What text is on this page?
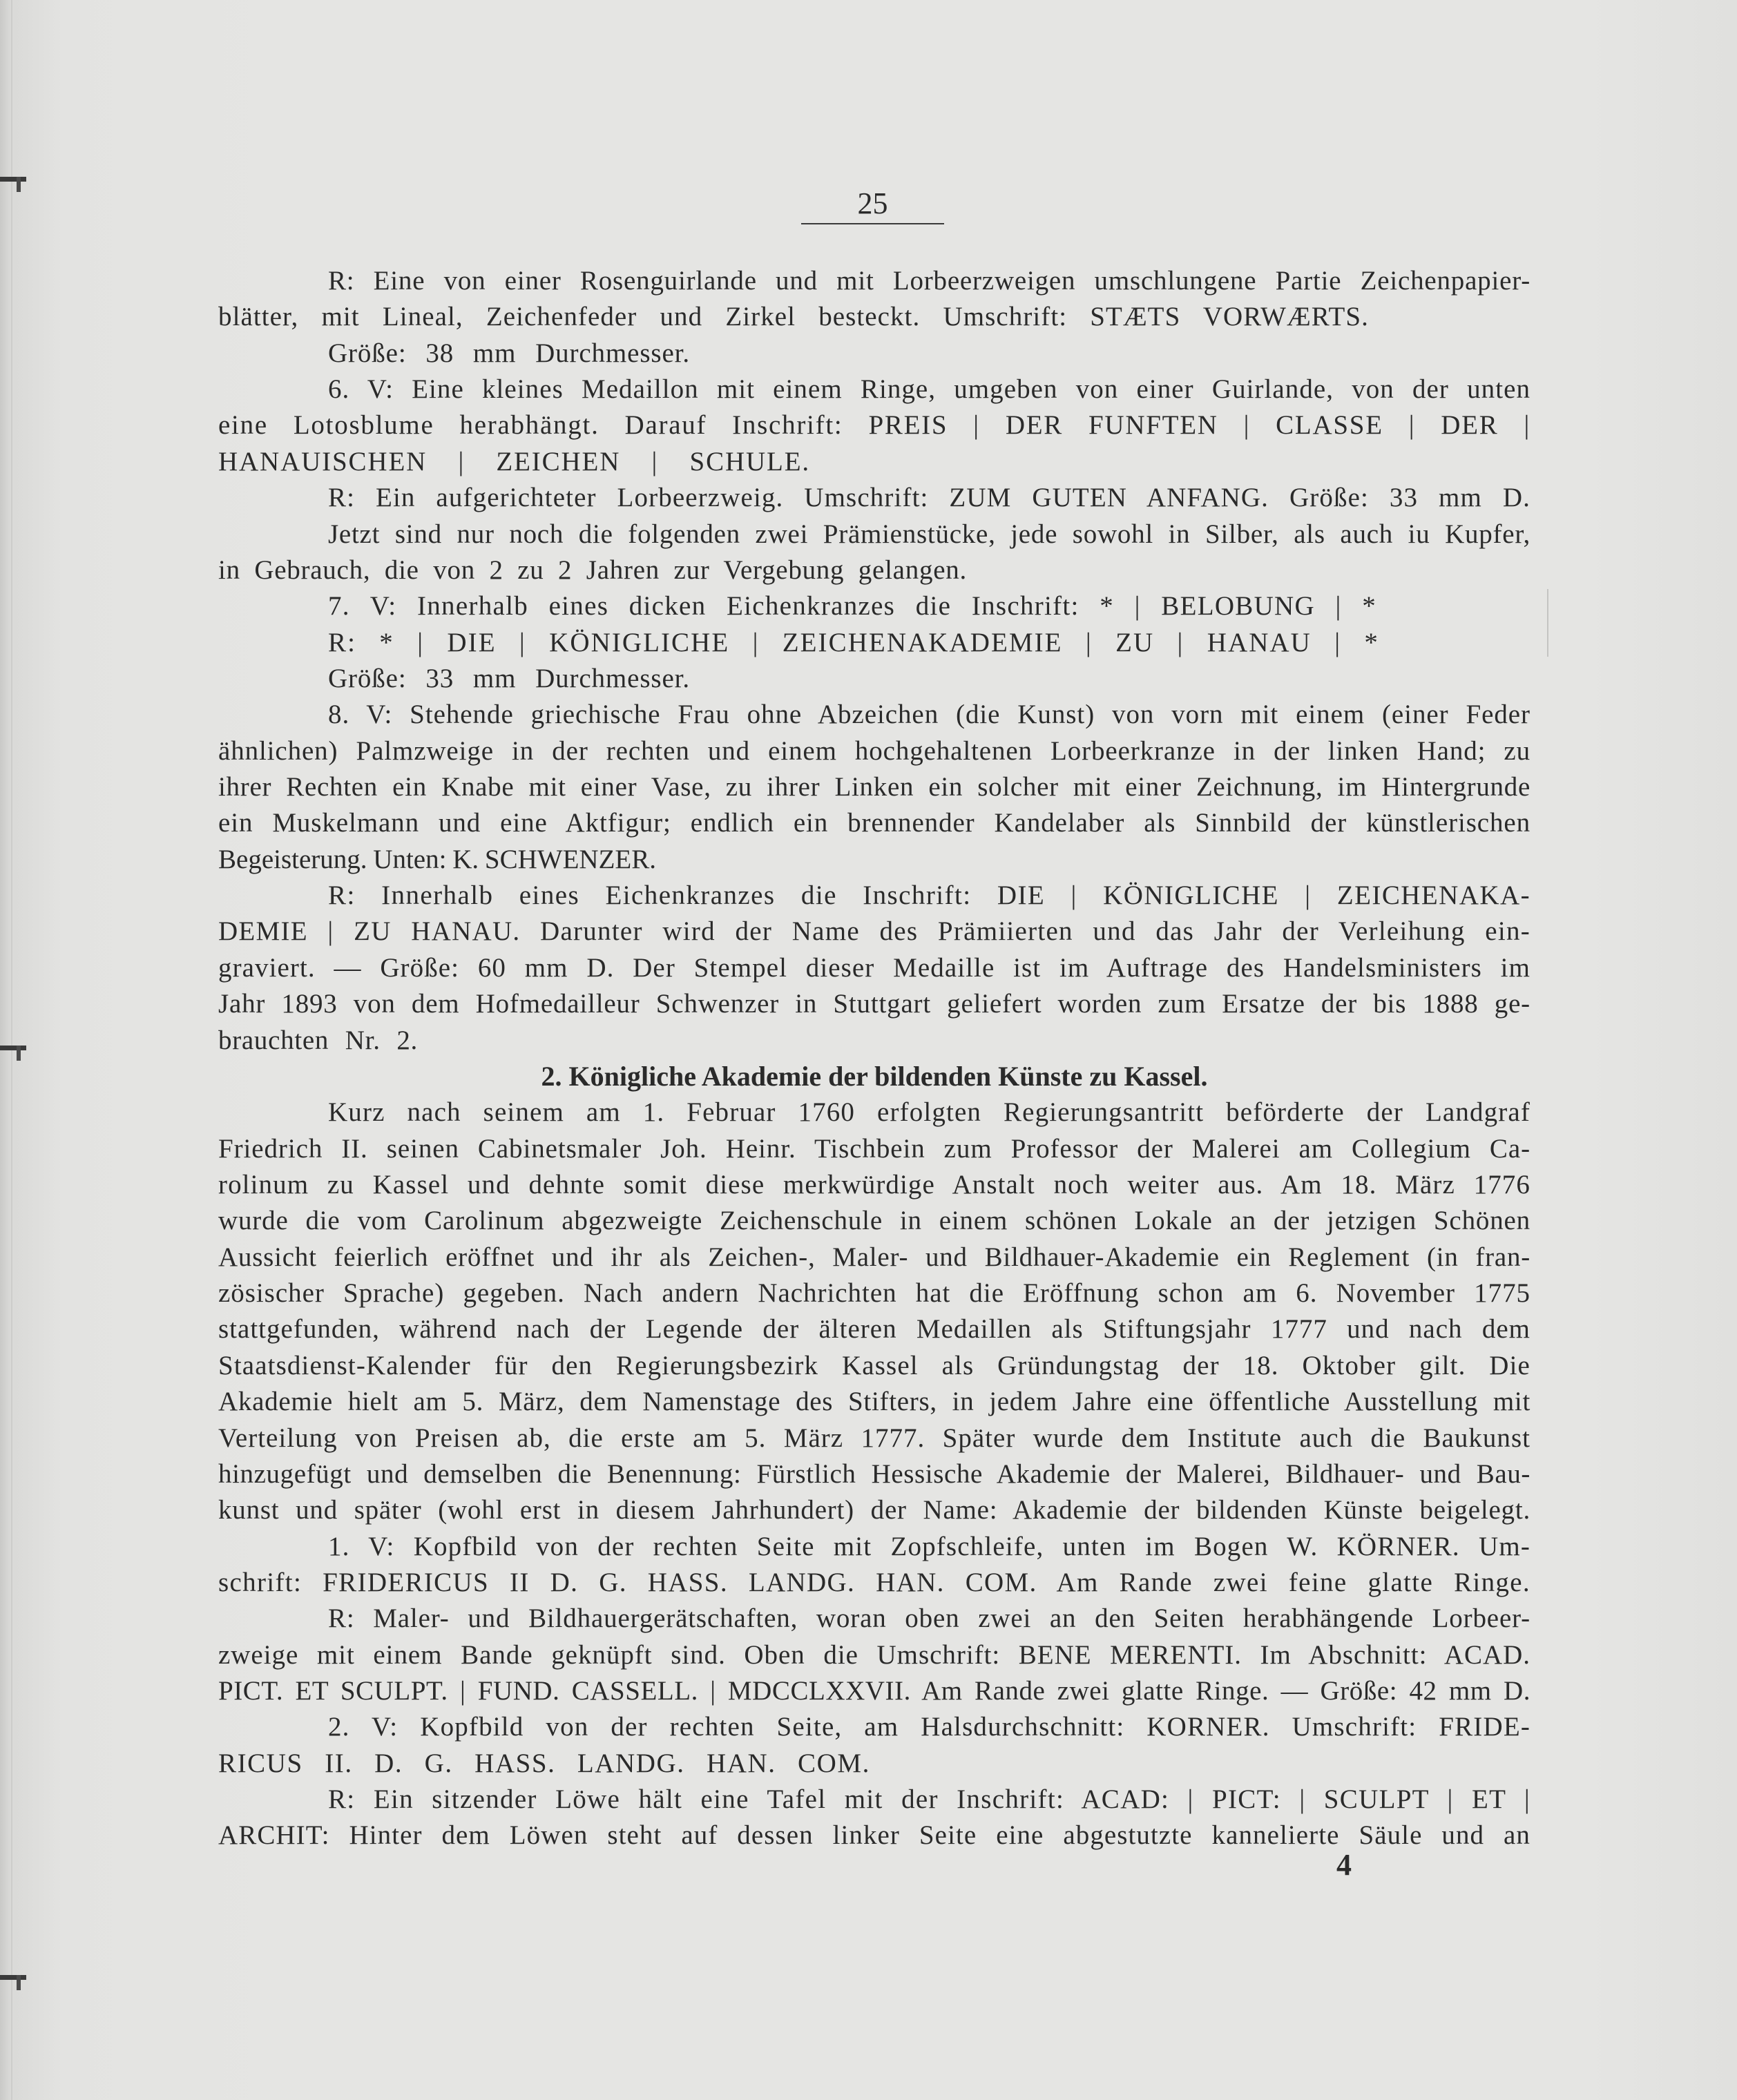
25
R: Eine von einer Rosenguirlande und mit Lorbeerzweigen umschlungene Partie Zeichenpapier-
blätter, mit Lineal, Zeichenfeder und Zirkel besteckt. Umschrift: STÆTS VORWÆRTS.
Größe: 38 mm Durchmesser.
6. V: Eine kleines Medaillon mit einem Ringe, umgeben von einer Guirlande, von der unten
eine Lotosblume herabhängt. Darauf Inschrift: PREIS | DER FUNFTEN | CLASSE | DER |
HANAUISCHEN | ZEICHEN | SCHULE.
R: Ein aufgerichteter Lorbeerzweig. Umschrift: ZUM GUTEN ANFANG. Größe: 33 mm D.
Jetzt sind nur noch die folgenden zwei Prämienstücke, jede sowohl in Silber, als auch iu Kupfer,
in Gebrauch, die von 2 zu 2 Jahren zur Vergebung gelangen.
7. V: Innerhalb eines dicken Eichenkranzes die Inschrift: * | BELOBUNG | *
R: * | DIE | KÖNIGLICHE | ZEICHENAKADEMIE | ZU | HANAU | *
Größe: 33 mm Durchmesser.
8. V: Stehende griechische Frau ohne Abzeichen (die Kunst) von vorn mit einem (einer Feder
ähnlichen) Palmzweige in der rechten und einem hochgehaltenen Lorbeerkranze in der linken Hand; zu
ihrer Rechten ein Knabe mit einer Vase, zu ihrer Linken ein solcher mit einer Zeichnung, im Hintergrunde
ein Muskelmann und eine Aktfigur; endlich ein brennender Kandelaber als Sinnbild der künstlerischen
Begeisterung. Unten: K. SCHWENZER.
R: Innerhalb eines Eichenkranzes die Inschrift: DIE | KÖNIGLICHE | ZEICHENAKA-
DEMIE | ZU HANAU. Darunter wird der Name des Prämiierten und das Jahr der Verleihung ein-
graviert. — Größe: 60 mm D. Der Stempel dieser Medaille ist im Auftrage des Handelsministers im
Jahr 1893 von dem Hofmedailleur Schwenzer in Stuttgart geliefert worden zum Ersatze der bis 1888 ge-
brauchten Nr. 2.
2. Königliche Akademie der bildenden Künste zu Kassel.
Kurz nach seinem am 1. Februar 1760 erfolgten Regierungsantritt beförderte der Landgraf
Friedrich II. seinen Cabinetsmaler Joh. Heinr. Tischbein zum Professor der Malerei am Collegium Ca-
rolinum zu Kassel und dehnte somit diese merkwürdige Anstalt noch weiter aus. Am 18. März 1776
wurde die vom Carolinum abgezweigte Zeichenschule in einem schönen Lokale an der jetzigen Schönen
Aussicht feierlich eröffnet und ihr als Zeichen-, Maler- und Bildhauer-Akademie ein Reglement (in fran-
zösischer Sprache) gegeben. Nach andern Nachrichten hat die Eröffnung schon am 6. November 1775
stattgefunden, während nach der Legende der älteren Medaillen als Stiftungsjahr 1777 und nach dem
Staatsdienst-Kalender für den Regierungsbezirk Kassel als Gründungstag der 18. Oktober gilt. Die
Akademie hielt am 5. März, dem Namenstage des Stifters, in jedem Jahre eine öffentliche Ausstellung mit
Verteilung von Preisen ab, die erste am 5. März 1777. Später wurde dem Institute auch die Baukunst
hinzugefügt und demselben die Benennung: Fürstlich Hessische Akademie der Malerei, Bildhauer- und Bau-
kunst und später (wohl erst in diesem Jahrhundert) der Name: Akademie der bildenden Künste beigelegt.
1. V: Kopfbild von der rechten Seite mit Zopfschleife, unten im Bogen W. KÖRNER. Um-
schrift: FRIDERICUS II D. G. HASS. LANDG. HAN. COM. Am Rande zwei feine glatte Ringe.
R: Maler- und Bildhauergerätschaften, woran oben zwei an den Seiten herabhängende Lorbeer-
zweige mit einem Bande geknüpft sind. Oben die Umschrift: BENE MERENTI. Im Abschnitt: ACAD.
PICT. ET SCULPT. | FUND. CASSELL. | MDCCLXXVII. Am Rande zwei glatte Ringe. — Größe: 42 mm D.
2. V: Kopfbild von der rechten Seite, am Halsdurchschnitt: KORNER. Umschrift: FRIDE-
RICUS II. D. G. HASS. LANDG. HAN. COM.
R: Ein sitzender Löwe hält eine Tafel mit der Inschrift: ACAD: | PICT: | SCULPT | ET |
ARCHIT: Hinter dem Löwen steht auf dessen linker Seite eine abgestutzte kannelierte Säule und an
4
